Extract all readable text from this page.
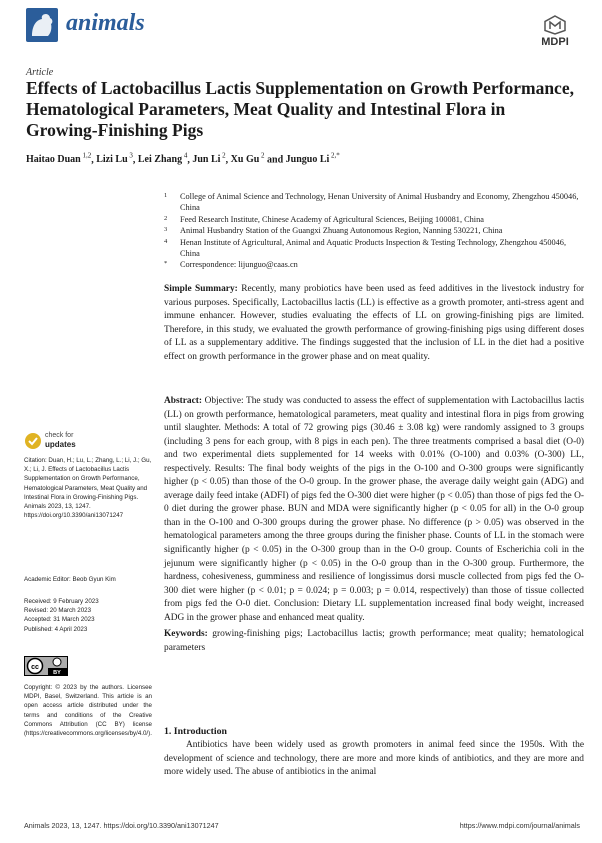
animals
MDPI
Article
Effects of Lactobacillus Lactis Supplementation on Growth Performance, Hematological Parameters, Meat Quality and Intestinal Flora in Growing-Finishing Pigs
Haitao Duan $^{1,2}$, Lizi Lu $^3$, Lei Zhang $^4$, Jun Li $^2$, Xu Gu $^2$ and Junguo Li $^{2,*}$
1 College of Animal Science and Technology, Henan University of Animal Husbandry and Economy, Zhengzhou 450046, China
2 Feed Research Institute, Chinese Academy of Agricultural Sciences, Beijing 100081, China
3 Animal Husbandry Station of the Guangxi Zhuang Autonomous Region, Nanning 530221, China
4 Henan Institute of Agricultural, Animal and Aquatic Products Inspection & Testing Technology, Zhengzhou 450046, China
* Correspondence: lijunguo@caas.cn
Simple Summary: Recently, many probiotics have been used as feed additives in the livestock industry for various purposes. Specifically, Lactobacillus lactis (LL) is effective as a growth promoter, anti-stress agent and immune enhancer. However, studies evaluating the effects of LL on growing-finishing pigs are limited. Therefore, in this study, we evaluated the growth performance of growing-finishing pigs using different doses of LL as a supplementary additive. The findings suggested that the inclusion of LL in the diet had a positive effect on growth performance in the grower phase and on meat quality.
Abstract: Objective: The study was conducted to assess the effect of supplementation with Lactobacillus lactis (LL) on growth performance, hematological parameters, meat quality and intestinal flora in pigs from growing until slaughter. Methods: A total of 72 growing pigs (30.46 ± 3.08 kg) were randomly assigned to 3 groups (including 3 pens for each group, with 8 pigs in each pen). The three treatments comprised a basal diet (O-0) and two experimental diets supplemented for 14 weeks with 0.01% (O-100) and 0.03% (O-300) LL, respectively. Results: The final body weights of the pigs in the O-100 and O-300 groups were significantly higher (p < 0.05) than those of the O-0 group. In the grower phase, the average daily weight gain (ADG) and average daily feed intake (ADFI) of pigs fed the O-300 diet were higher (p < 0.05) than those of pigs fed the O-0 diet during the grower phase. BUN and MDA were significantly higher (p < 0.05 for all) in the O-0 group than in the O-100 and O-300 groups during the grower phase. No difference (p > 0.05) was observed in the hematological parameters among the three groups during the finisher phase. Counts of LL in the stomach were significantly higher (p < 0.05) in the O-300 group than in the O-0 group. Counts of Escherichia coli in the jejunum were significantly higher (p < 0.05) in the O-0 group than in the O-300 group. Furthermore, the hardness, cohesiveness, gumminess and resilience of longissimus dorsi muscle collected from pigs fed the O-300 diet were higher (p < 0.01; p = 0.024; p = 0.003; p = 0.014, respectively) than those of tissue collected from pigs fed the O-0 diet. Conclusion: Dietary LL supplementation increased final body weight, increased ADG in the grower phase and enhanced meat quality.
Keywords: growing-finishing pigs; Lactobacillus lactis; growth performance; meat quality; hematological parameters
check for
updates
Citation: Duan, H.; Lu, L.; Zhang, L.; Li, J.; Gu, X.; Li, J. Effects of Lactobacillus Lactis Supplementation on Growth Performance, Hematological Parameters, Meat Quality and Intestinal Flora in Growing-Finishing Pigs. Animals 2023, 13, 1247. https://doi.org/10.3390/ani13071247
Academic Editor: Beob Gyun Kim
Received: 9 February 2023
Revised: 20 March 2023
Accepted: 31 March 2023
Published: 4 April 2023
cc
BY
Copyright: © 2023 by the authors. Licensee MDPI, Basel, Switzerland. This article is an open access article distributed under the terms and conditions of the Creative Commons Attribution (CC BY) license (https://creativecommons.org/licenses/by/4.0/). 1. Introduction
Antibiotics have been widely used as growth promoters in animal feed since the 1950s. With the development of science and technology, there are more and more kinds of antibiotics, and they are more and more widely used. The abuse of antibiotics in the animal
Animals 2023, 13, 1247. https://doi.org/10.3390/ani13071247	https://www.mdpi.com/journal/animals
